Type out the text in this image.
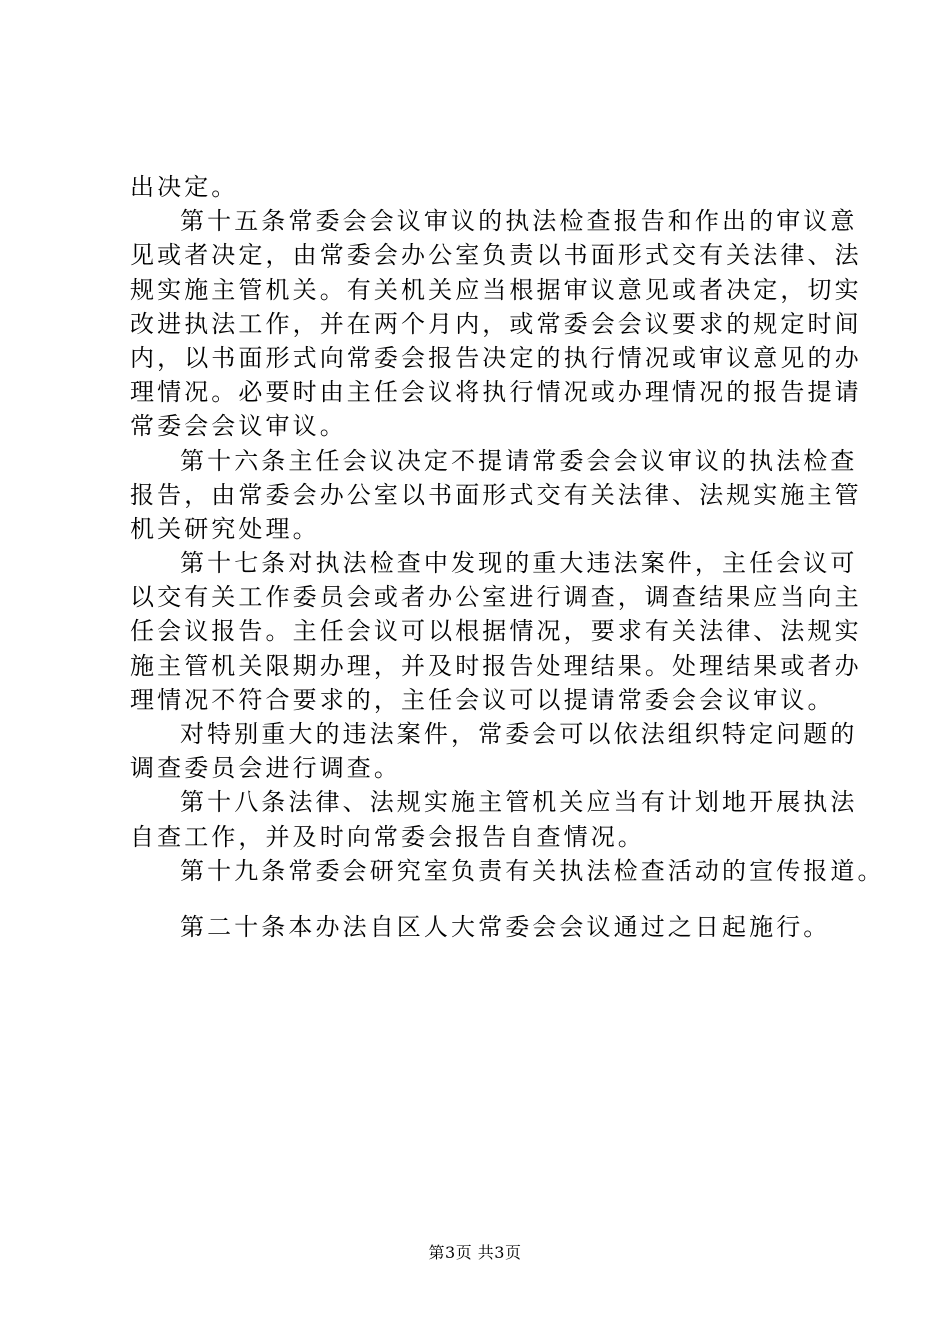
出决定。
第十五条常委会会议审议的执法检查报告和作出的审议意
见或者决定，由常委会办公室负责以书面形式交有关法律、法
规实施主管机关。有关机关应当根据审议意见或者决定，切实
改进执法工作，并在两个月内，或常委会会议要求的规定时间
内，以书面形式向常委会报告决定的执行情况或审议意见的办
理情况。必要时由主任会议将执行情况或办理情况的报告提请
常委会会议审议。
第十六条主任会议决定不提请常委会会议审议的执法检查
报告，由常委会办公室以书面形式交有关法律、法规实施主管
机关研究处理。
第十七条对执法检查中发现的重大违法案件，主任会议可
以交有关工作委员会或者办公室进行调查，调查结果应当向主
任会议报告。主任会议可以根据情况，要求有关法律、法规实
施主管机关限期办理，并及时报告处理结果。处理结果或者办
理情况不符合要求的，主任会议可以提请常委会会议审议。
对特别重大的违法案件，常委会可以依法组织特定问题的
调查委员会进行调查。
第十八条法律、法规实施主管机关应当有计划地开展执法
自查工作，并及时向常委会报告自查情况。
第十九条常委会研究室负责有关执法检查活动的宣传报道。
第二十条本办法自区人大常委会会议通过之日起施行。
第3页 共3页
